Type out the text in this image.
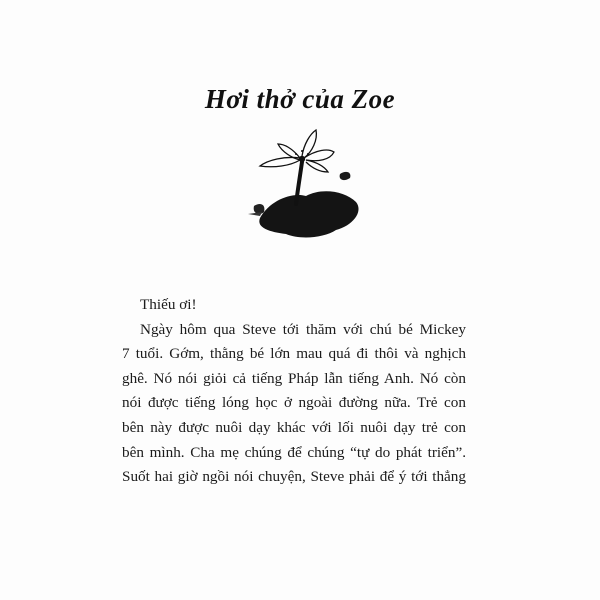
Hơi thở của Zoe

Thiếu ơi!

Ngày hôm qua Steve tới thăm với chú bé Mickey
7 tuổi. Gớm, thằng bé lớn mau quá đi thôi và nghịch
ghê. Nó nói giỏi cả tiếng Pháp lẫn tiếng Anh. Nó còn
nói được tiếng lóng học ở ngoài đường nữa. Trẻ con
bên này được nuôi dạy khác với lối nuôi dạy trẻ con
bên mình. Cha mẹ chúng để chúng “tự do phát triển”.
Suốt hai giờ ngồi nói chuyện, Steve phải để ý tới thẳng
